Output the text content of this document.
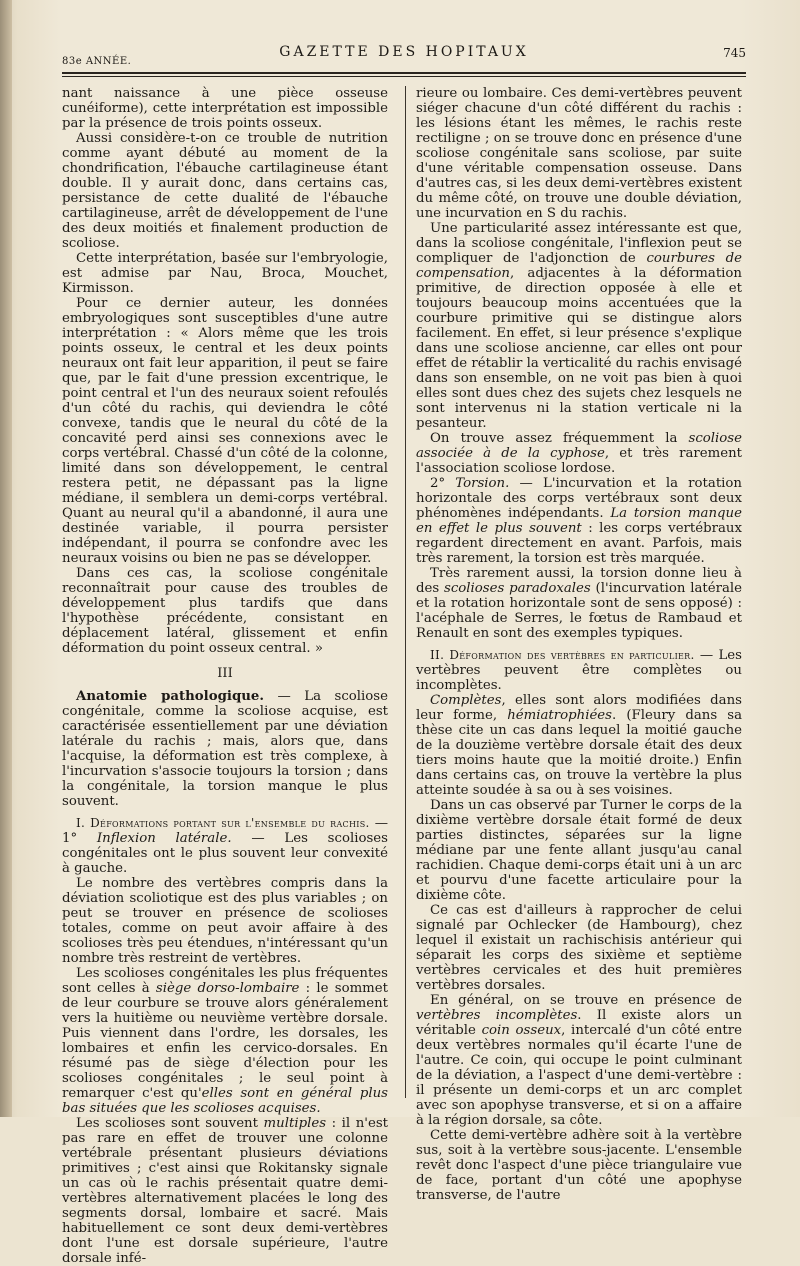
83e ANNÉE.
GAZETTE DES HOPITAUX	745

nant naissance à une pièce osseuse cunéiforme), cette interprétation est impossible par la présence de trois points osseux.

Aussi considère-t-on ce trouble de nutrition comme ayant débuté au moment de la chondrification, l'ébauche cartilagineuse étant double. Il y aurait donc, dans certains cas, persistance de cette dualité de l'ébauche cartilagineuse, arrêt de développement de l'une des deux moitiés et finalement production de scoliose.

Cette interprétation, basée sur l'embryologie, est admise par Nau, Broca, Mouchet, Kirmisson.

Pour ce dernier auteur, les données embryologiques sont susceptibles d'une autre interprétation : « Alors même que les trois points osseux, le central et les deux points neuraux ont fait leur apparition, il peut se faire que, par le fait d'une pression excentrique, le point central et l'un des neuraux soient refoulés d'un côté du rachis, qui deviendra le côté convexe, tandis que le neural du côté de la concavité perd ainsi ses connexions avec le corps vertébral. Chassé d'un côté de la colonne, limité dans son développement, le central restera petit, ne dépassant pas la ligne médiane, il semblera un demi-corps vertébral. Quant au neural qu'il a abandonné, il aura une destinée variable, il pourra persister indépendant, il pourra se confondre avec les neuraux voisins ou bien ne pas se développer.

Dans ces cas, la scoliose congénitale reconnaîtrait pour cause des troubles de développement plus tardifs que dans l'hypothèse précédente, consistant en déplacement latéral, glissement et enfin déformation du point osseux central. »

III

Anatomie pathologique. — La scoliose congénitale, comme la scoliose acquise, est caractérisée essentiellement par une déviation latérale du rachis ; mais, alors que, dans l'acquise, la déformation est très complexe, à l'incurvation s'associe toujours la torsion ; dans la congénitale, la torsion manque le plus souvent.

I. Déformations portant sur l'ensemble du rachis. — 1° Inflexion latérale. — Les scolioses congénitales ont le plus souvent leur convexité à gauche.

Le nombre des vertèbres compris dans la déviation scoliotique est des plus variables ; on peut se trouver en présence de scolioses totales, comme on peut avoir affaire à des scolioses très peu étendues, n'intéressant qu'un nombre très restreint de vertèbres.

Les scolioses congénitales les plus fréquentes sont celles à siège dorso-lombaire : le sommet de leur courbure se trouve alors généralement vers la huitième ou neuvième vertèbre dorsale. Puis viennent dans l'ordre, les dorsales, les lombaires et enfin les cervico-dorsales. En résumé pas de siège d'élection pour les scolioses congénitales ; le seul point à remarquer c'est qu'elles sont en général plus bas situées que les scolioses acquises.

Les scolioses sont souvent multiples : il n'est pas rare en effet de trouver une colonne vertébrale présentant plusieurs déviations primitives ; c'est ainsi que Rokitansky signale un cas où le rachis présentait quatre demi-vertèbres alternativement placées le long des segments dorsal, lombaire et sacré. Mais habituellement ce sont deux demi-vertèbres dont l'une est dorsale supérieure, l'autre dorsale infé-

rieure ou lombaire. Ces demi-vertèbres peuvent siéger chacune d'un côté différent du rachis : les lésions étant les mêmes, le rachis reste rectiligne ; on se trouve donc en présence d'une scoliose congénitale sans scoliose, par suite d'une véritable compensation osseuse. Dans d'autres cas, si les deux demi-vertèbres existent du même côté, on trouve une double déviation, une incurvation en S du rachis.

Une particularité assez intéressante est que, dans la scoliose congénitale, l'inflexion peut se compliquer de l'adjonction de courbures de compensation, adjacentes à la déformation primitive, de direction opposée à elle et toujours beaucoup moins accentuées que la courbure primitive qui se distingue alors facilement. En effet, si leur présence s'explique dans une scoliose ancienne, car elles ont pour effet de rétablir la verticalité du rachis envisagé dans son ensemble, on ne voit pas bien à quoi elles sont dues chez des sujets chez lesquels ne sont intervenus ni la station verticale ni la pesanteur.

On trouve assez fréquemment la scoliose associée à de la cyphose, et très rarement l'association scoliose lordose.

2° Torsion. — L'incurvation et la rotation horizontale des corps vertébraux sont deux phénomènes indépendants. La torsion manque en effet le plus souvent : les corps vertébraux regardent directement en avant. Parfois, mais très rarement, la torsion est très marquée.

Très rarement aussi, la torsion donne lieu à des scolioses paradoxales (l'incurvation latérale et la rotation horizontale sont de sens opposé) : l'acéphale de Serres, le fœtus de Rambaud et Renault en sont des exemples typiques.

II. Déformation des vertèbres en particulier. — Les vertèbres peuvent être complètes ou incomplètes.

Complètes, elles sont alors modifiées dans leur forme, hémiatrophiées. (Fleury dans sa thèse cite un cas dans lequel la moitié gauche de la douzième vertèbre dorsale était des deux tiers moins haute que la moitié droite.) Enfin dans certains cas, on trouve la vertèbre la plus atteinte soudée à sa ou à ses voisines.

Dans un cas observé par Turner le corps de la dixième vertèbre dorsale était formé de deux parties distinctes, séparées sur la ligne médiane par une fente allant jusqu'au canal rachidien. Chaque demi-corps était uni à un arc et pourvu d'une facette articulaire pour la dixième côte.

Ce cas est d'ailleurs à rapprocher de celui signalé par Ochlecker (de Hambourg), chez lequel il existait un rachischisis antérieur qui séparait les corps des sixième et septième vertèbres cervicales et des huit premières vertèbres dorsales.

En général, on se trouve en présence de vertèbres incomplètes. Il existe alors un véritable coin osseux, intercalé d'un côté entre deux vertèbres normales qu'il écarte l'une de l'autre. Ce coin, qui occupe le point culminant de la déviation, a l'aspect d'une demi-vertèbre : il présente un demi-corps et un arc complet avec son apophyse transverse, et si on a affaire à la région dorsale, sa côte.

Cette demi-vertèbre adhère soit à la vertèbre sus, soit à la vertèbre sous-jacente. L'ensemble revêt donc l'aspect d'une pièce triangulaire vue de face, portant d'un côté une apophyse transverse, de l'autre
